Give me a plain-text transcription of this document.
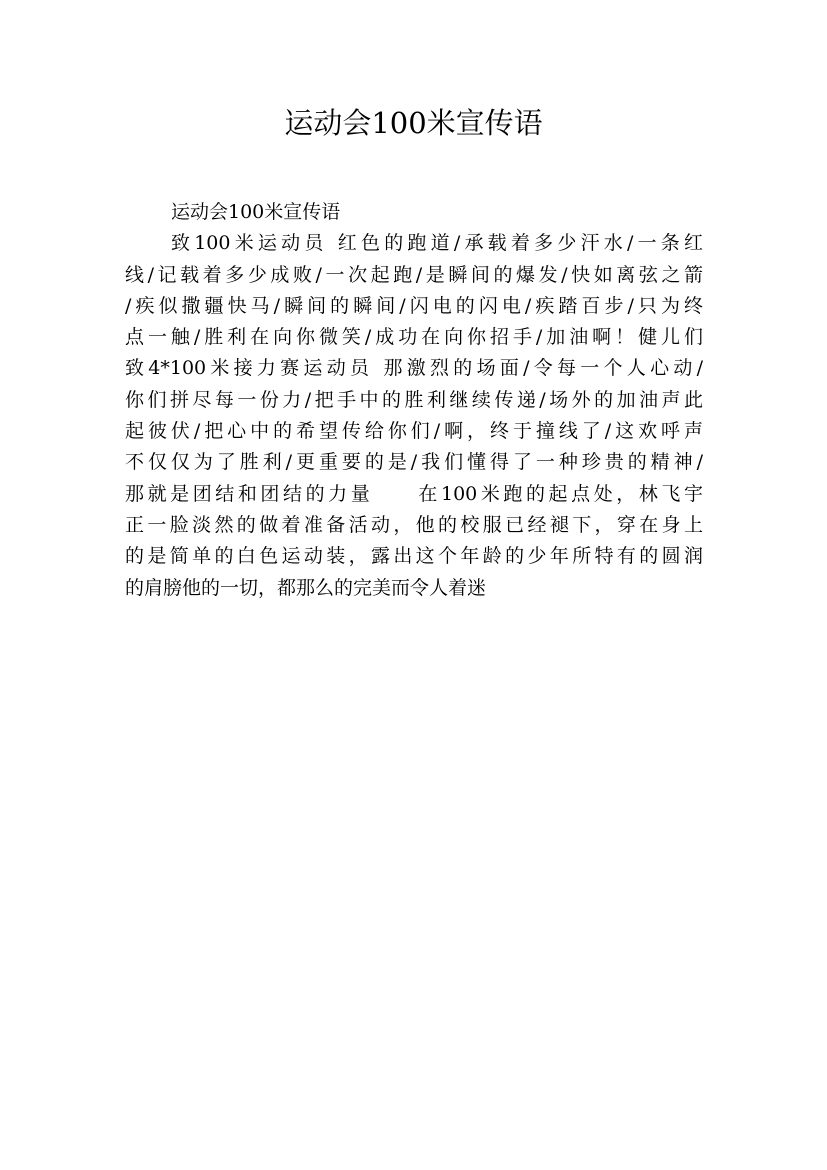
运动会100米宣传语
运动会100米宣传语
致100米运动员 红色的跑道/承载着多少汗水/一条红
线/记载着多少成败/一次起跑/是瞬间的爆发/快如离弦之箭
/疾似撒疆快马/瞬间的瞬间/闪电的闪电/疾踏百步/只为终
点一触/胜利在向你微笑/成功在向你招手/加油啊！健儿们
致4*100米接力赛运动员 那激烈的场面/令每一个人心动/
你们拼尽每一份力/把手中的胜利继续传递/场外的加油声此
起彼伏/把心中的希望传给你们/啊，终于撞线了/这欢呼声
不仅仅为了胜利/更重要的是/我们懂得了一种珍贵的精神/
那就是团结和团结的力量　　在100米跑的起点处，林飞宇
正一脸淡然的做着准备活动，他的校服已经褪下，穿在身上
的是简单的白色运动装，露出这个年龄的少年所特有的圆润
的肩膀他的一切，都那么的完美而令人着迷
